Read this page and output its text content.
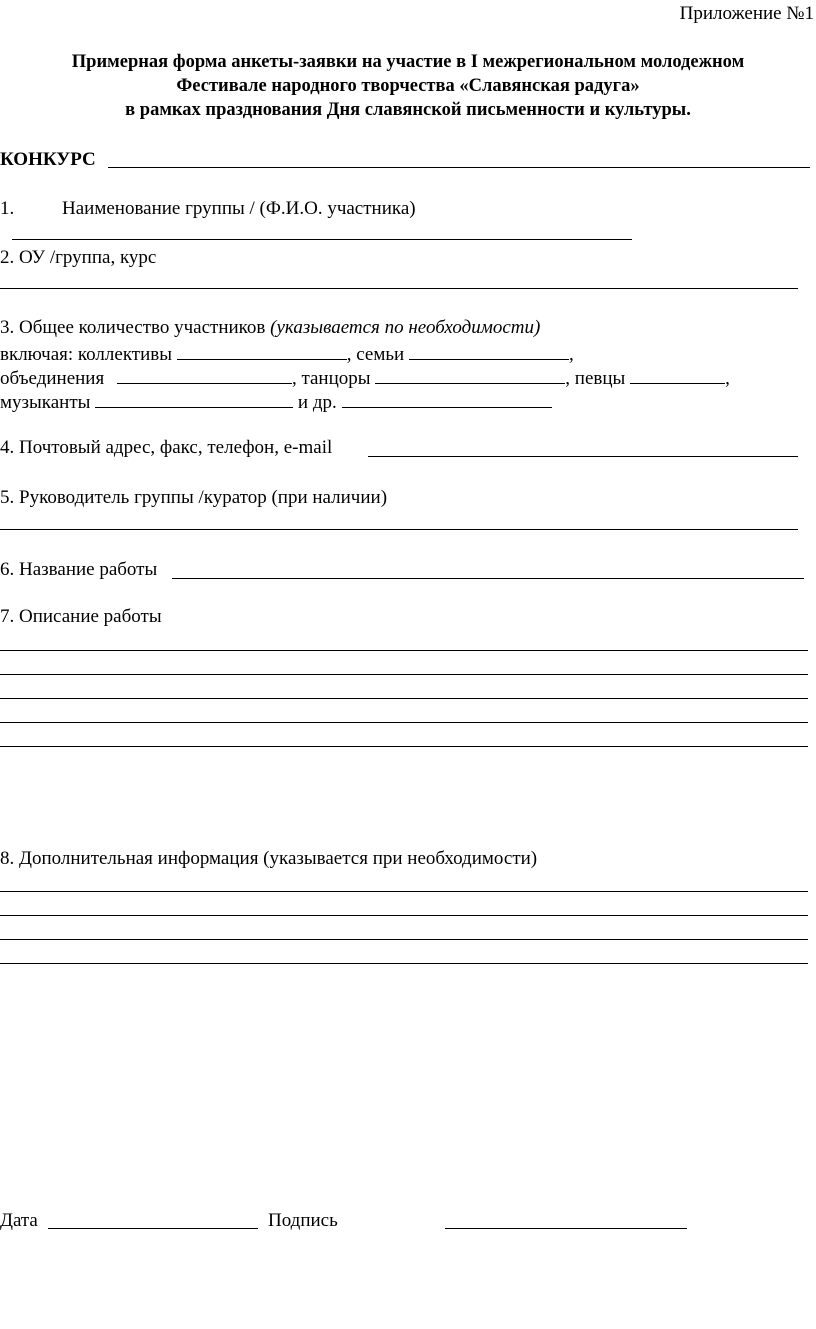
Приложение №1
Примерная форма анкеты-заявки на участие в I межрегиональном молодежном
Фестивале народного творчества «Славянская радуга»
в рамках празднования Дня славянской письменности и культуры.
КОНКУРС
1.	Наименование группы / (Ф.И.О. участника)
2. ОУ /группа, курс
3. Общее количество участников (указывается по необходимости)
включая: коллективы	, семьи	,
объединения	, танцоры	, певцы	,
музыканты	и др.
4. Почтовый адрес, факс, телефон, e-mail
5. Руководитель группы /куратор (при наличии)
6. Название работы
7. Описание работы
8. Дополнительная информация (указывается при необходимости)
Дата	Подпись
